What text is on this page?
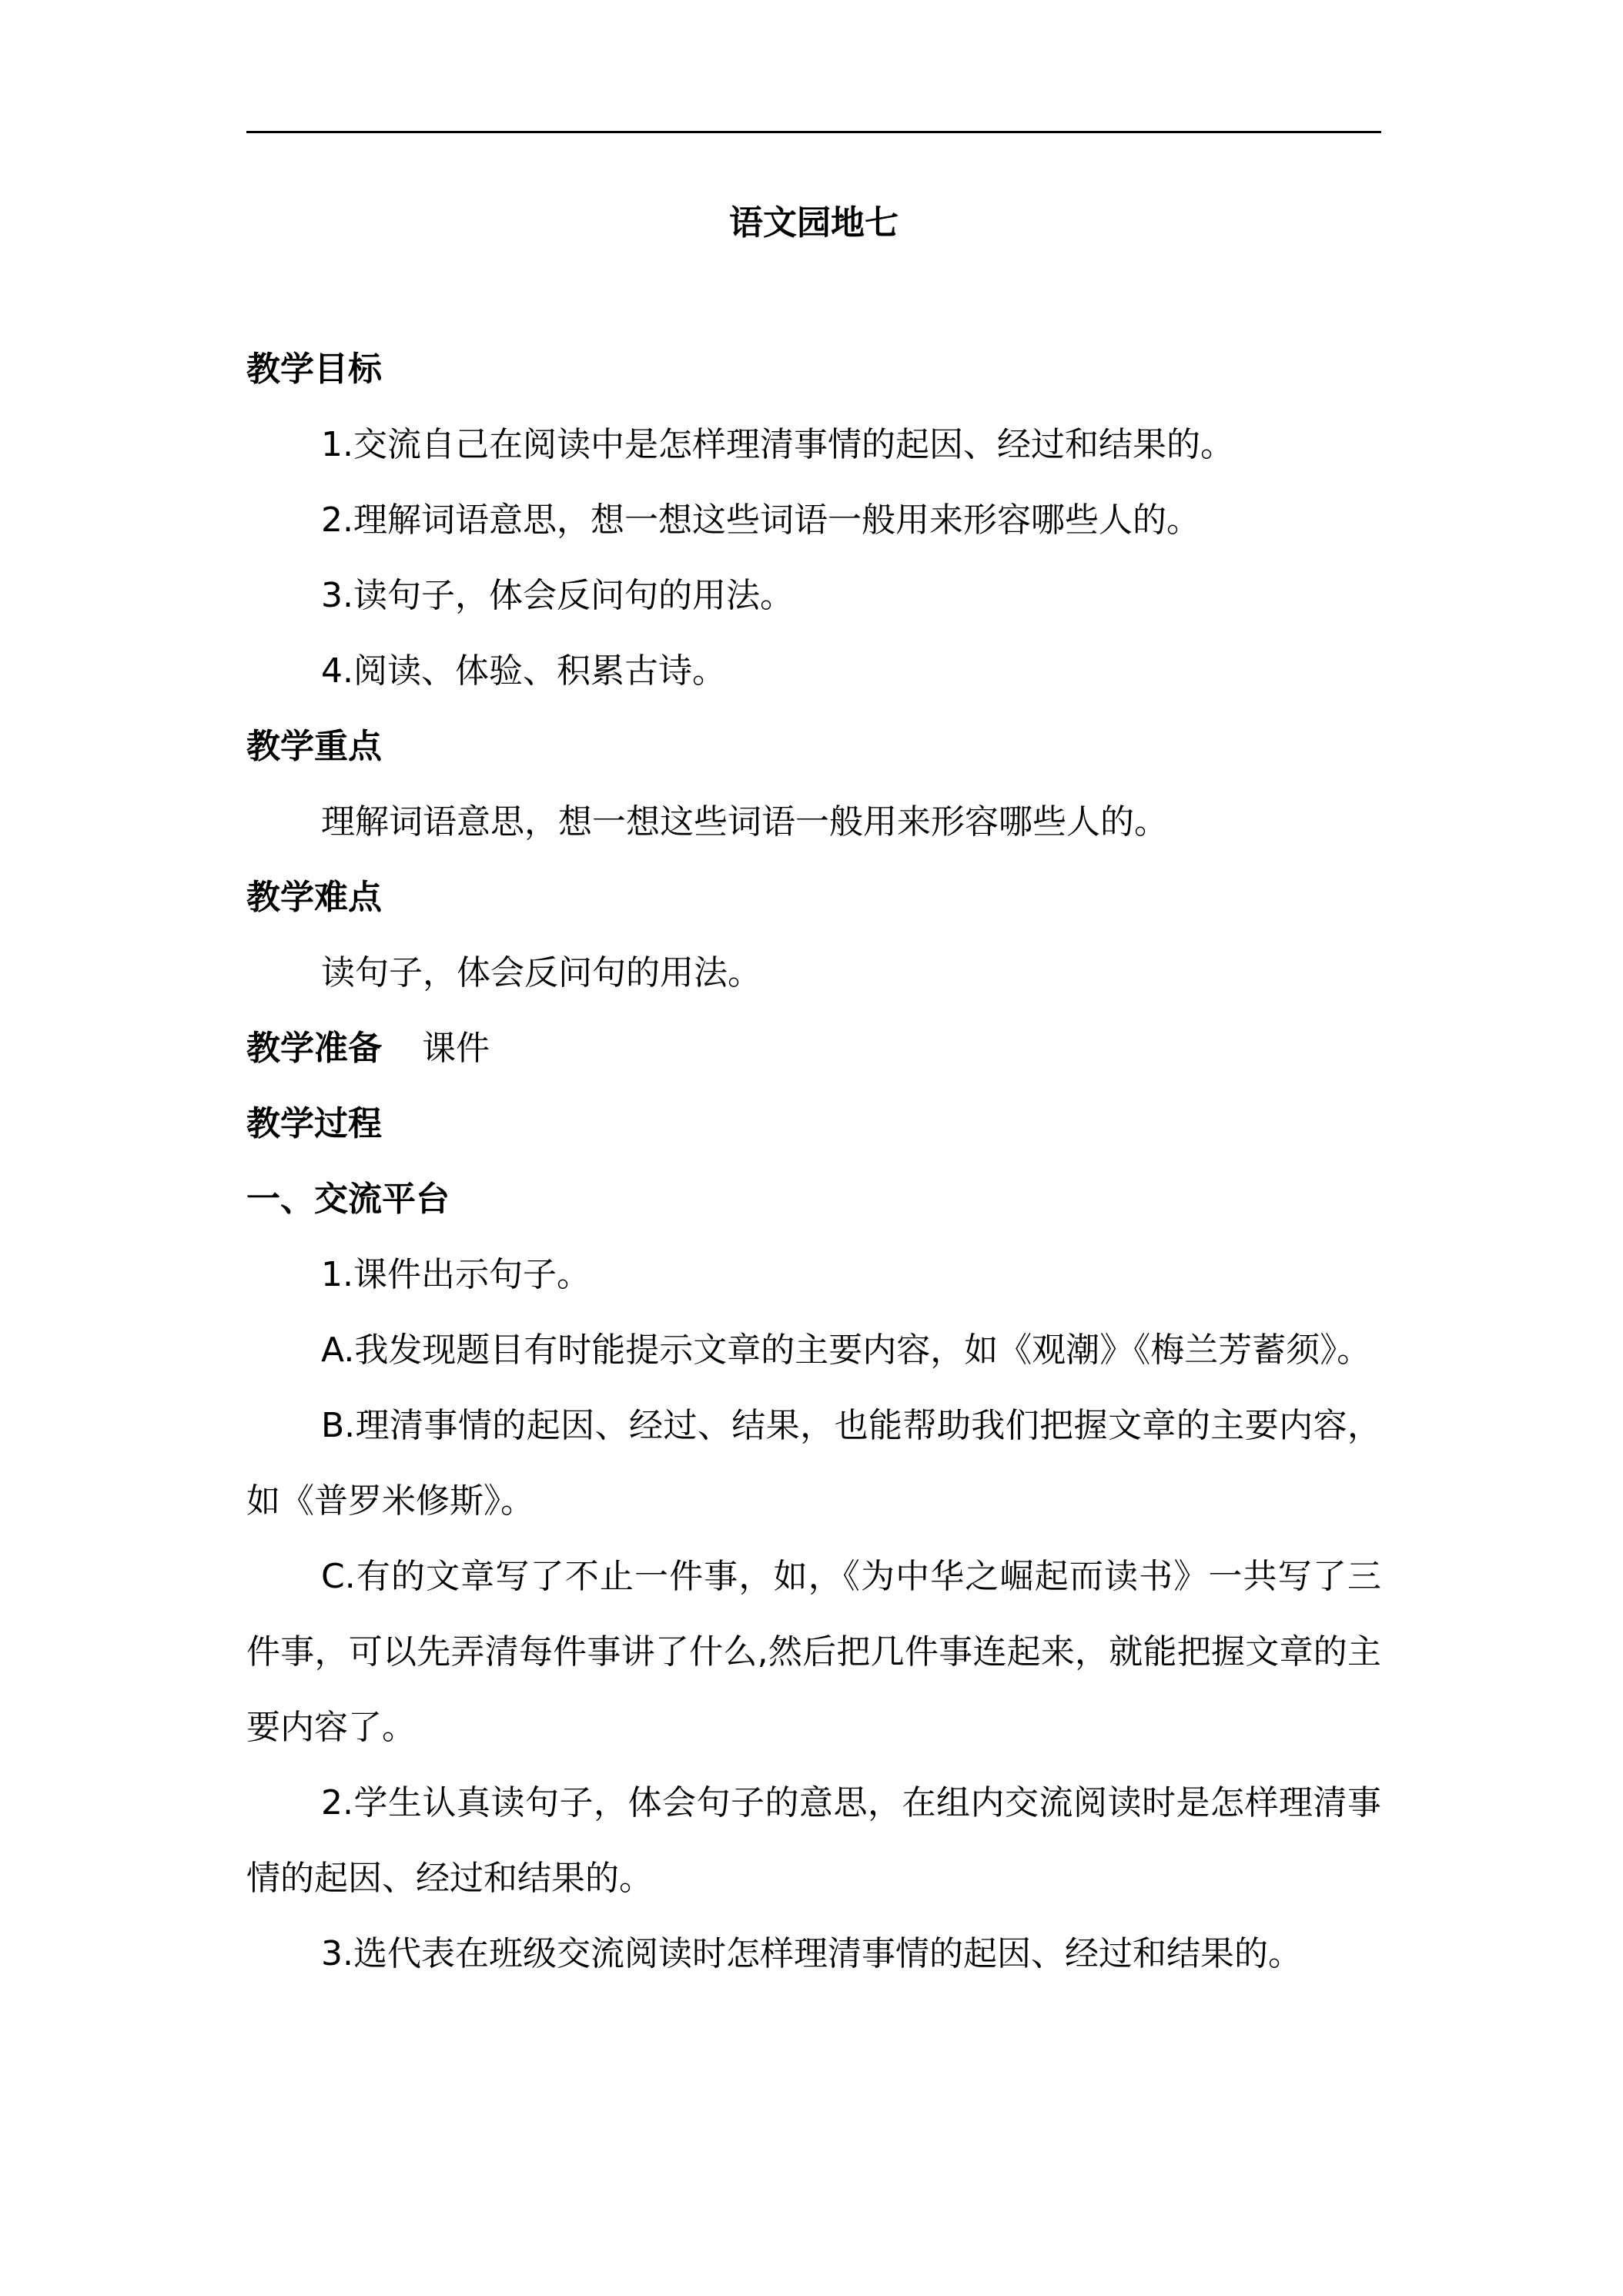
语文园地七
教学目标
1.交流自己在阅读中是怎样理清事情的起因、经过和结果的。
2.理解词语意思，想一想这些词语一般用来形容哪些人的。
3.读句子，体会反问句的用法。
4.阅读、体验、积累古诗。
教学重点
理解词语意思，想一想这些词语一般用来形容哪些人的。
教学难点
读句子，体会反问句的用法。
教学准备 课件
教学过程
一、交流平台
1.课件出示句子。
A.我发现题目有时能提示文章的主要内容，如《观潮》《梅兰芳蓄须》。
B.理清事情的起因、经过、结果，也能帮助我们把握文章的主要内容，如《普罗米修斯》。
C.有的文章写了不止一件事，如，《为中华之崛起而读书》一共写了三件事，可以先弄清每件事讲了什么,然后把几件事连起来，就能把握文章的主要内容了。
2.学生认真读句子，体会句子的意思，在组内交流阅读时是怎样理清事情的起因、经过和结果的。
3.选代表在班级交流阅读时怎样理清事情的起因、经过和结果的。
